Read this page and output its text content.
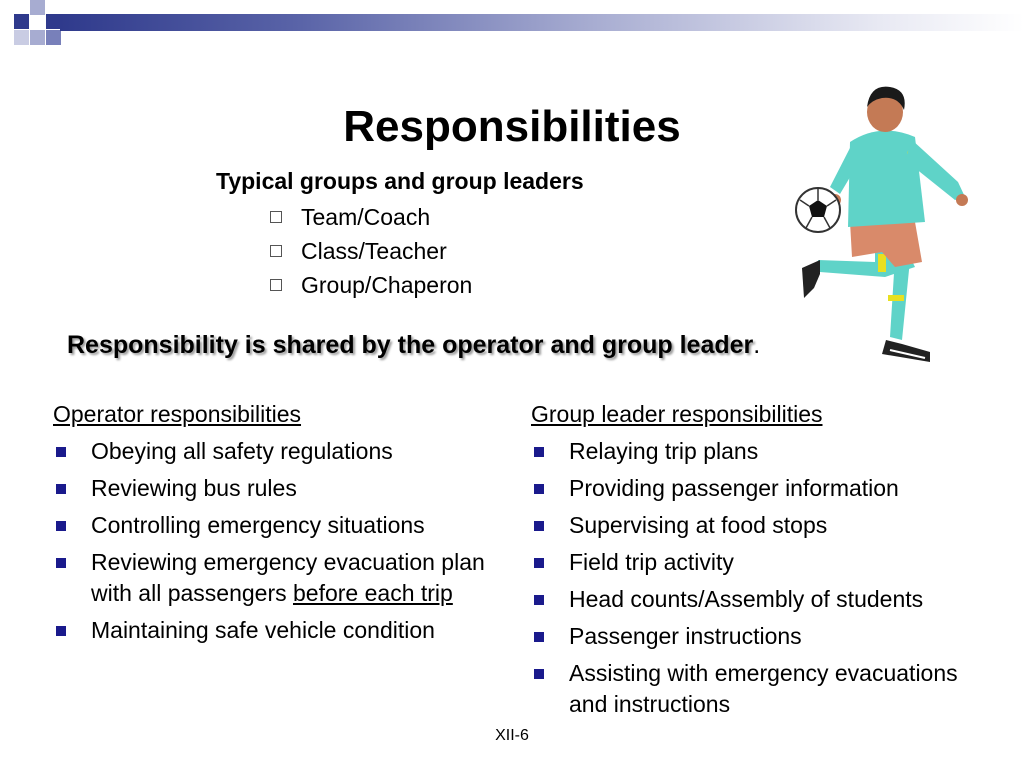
Responsibilities
Typical groups and group leaders
Team/Coach
Class/Teacher
Group/Chaperon
Responsibility is shared by the operator and group leader.
Operator responsibilities
Obeying all safety regulations
Reviewing bus rules
Controlling emergency situations
Reviewing emergency evacuation plan with all passengers before each trip
Maintaining safe vehicle condition
Group leader responsibilities
Relaying trip plans
Providing passenger information
Supervising at food stops
Field trip activity
Head counts/Assembly of students
Passenger instructions
Assisting with emergency evacuations and instructions
XII-6
